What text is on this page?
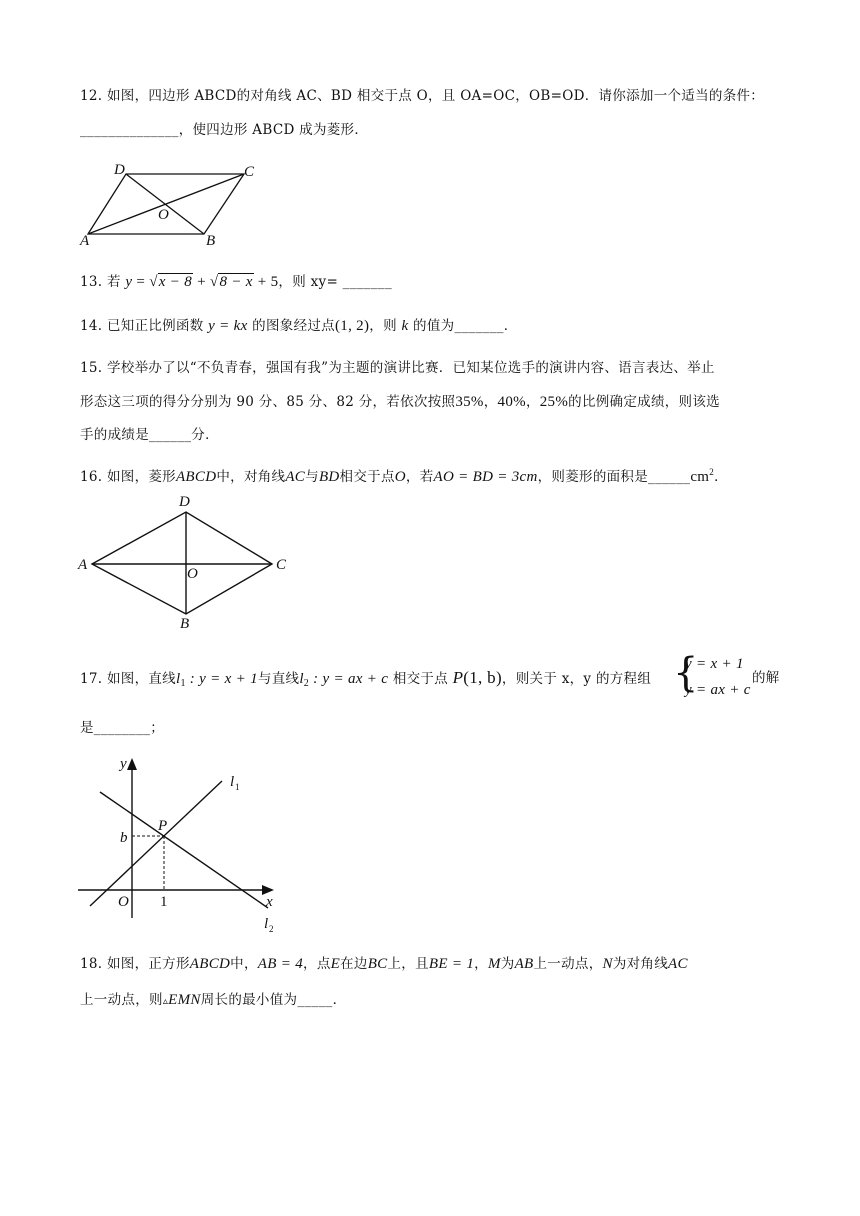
12. 如图，四边形 ABCD的对角线 AC、BD 相交于点 O，且 OA=OC，OB=OD．请你添加一个适当的条件：
______________，使四边形 ABCD 成为菱形．
D	C
O
A	B
13. 若 y = √x − 8 + √8 − x + 5，则 xy= _______
14. 已知正比例函数 y = kx 的图象经过点(1, 2)，则 k 的值为_______．
15. 学校举办了以“不负青春，强国有我”为主题的演讲比赛．已知某位选手的演讲内容、语言表达、举止
形态这三项的得分分别为 90 分、85 分、82 分，若依次按照35%，40%，25%的比例确定成绩，则该选
手的成绩是______分．
16. 如图，菱形ABCD中，对角线AC与BD相交于点O，若AO = BD = 3cm，则菱形的面积是$\_\_\_\_\_\_cm^2$．
D
A
O
C
B
17. 如图，直线$l_1$ : y = x + 1与直线$l_2$ : y = ax + c 相交于点 P(1, b)，则关于 x，y 的方程组 {
y = x + 1
y = ax + c
的解
是________；
y
x
O 1
b
P
l 1
l 2
18. 如图，正方形ABCD中，AB = 4，点E在边BC上，且BE = 1，M为AB上一动点，N为对角线AC
上一动点，则▵EMN周长的最小值为_____．
